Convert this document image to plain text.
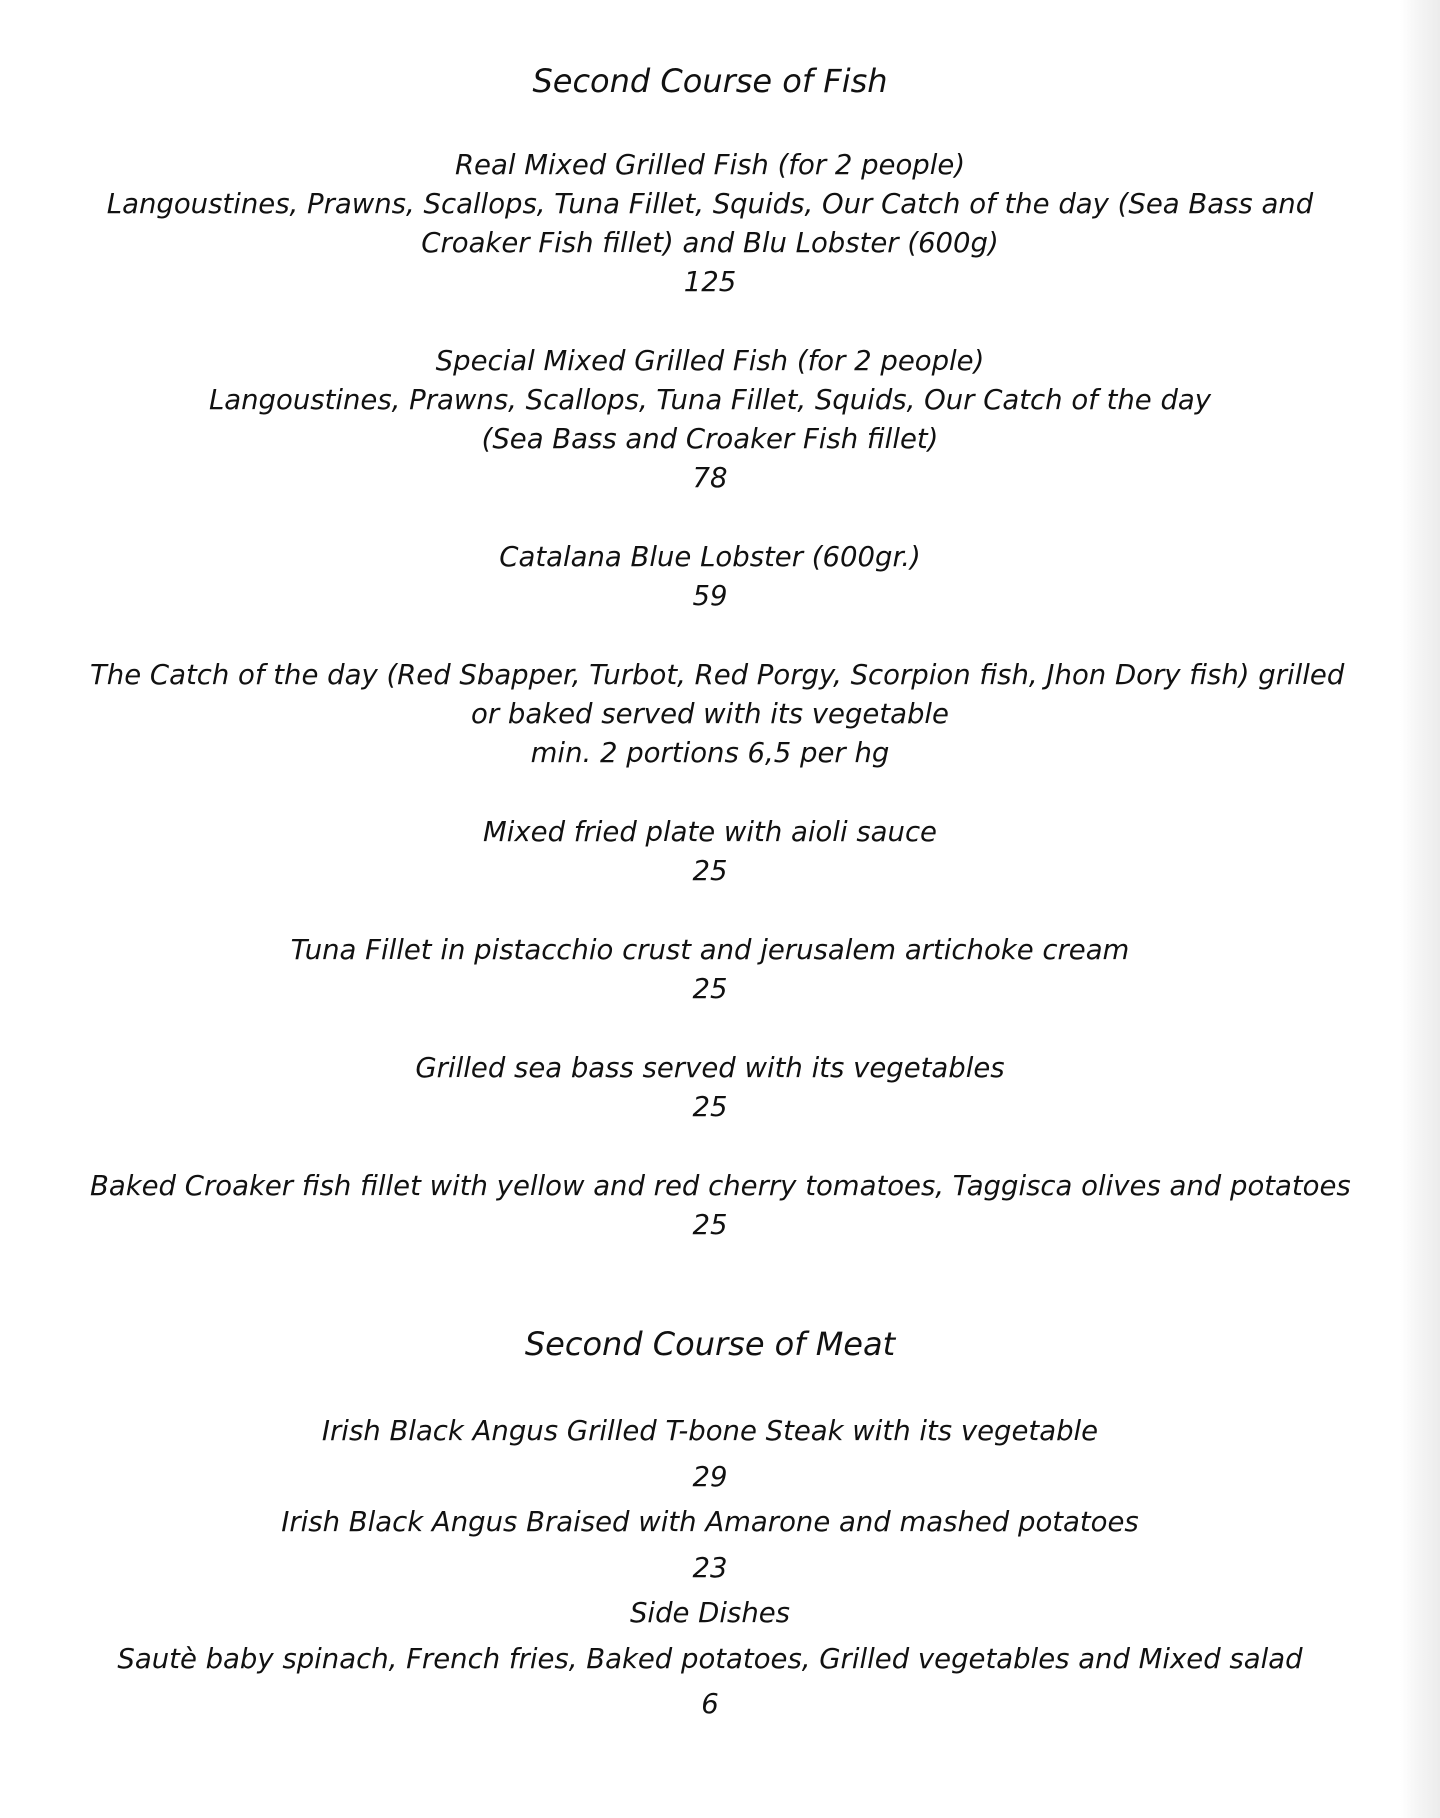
Second Course of Fish
Real Mixed Grilled Fish (for 2 people)
Langoustines, Prawns, Scallops, Tuna Fillet, Squids, Our Catch of the day (Sea Bass and
Croaker Fish fillet) and Blu Lobster (600g)
125
Special Mixed Grilled Fish (for 2 people)
Langoustines, Prawns, Scallops, Tuna Fillet, Squids, Our Catch of the day
(Sea Bass and Croaker Fish fillet)
78
Catalana Blue Lobster (600gr.)
59
The Catch of the day (Red Sbapper, Turbot, Red Porgy, Scorpion fish, Jhon Dory fish) grilled
or baked served with its vegetable
min. 2 portions 6,5 per hg
Mixed fried plate with aioli sauce
25
Tuna Fillet in pistacchio crust and jerusalem artichoke cream
25
Grilled sea bass served with its vegetables
25
Baked Croaker fish fillet with yellow and red cherry tomatoes, Taggisca olives and potatoes
25
Second Course of Meat
Irish Black Angus Grilled T-bone Steak with its vegetable
29
Irish Black Angus Braised with Amarone and mashed potatoes
23
Side Dishes
Sautè baby spinach, French fries, Baked potatoes, Grilled vegetables and Mixed salad
6
